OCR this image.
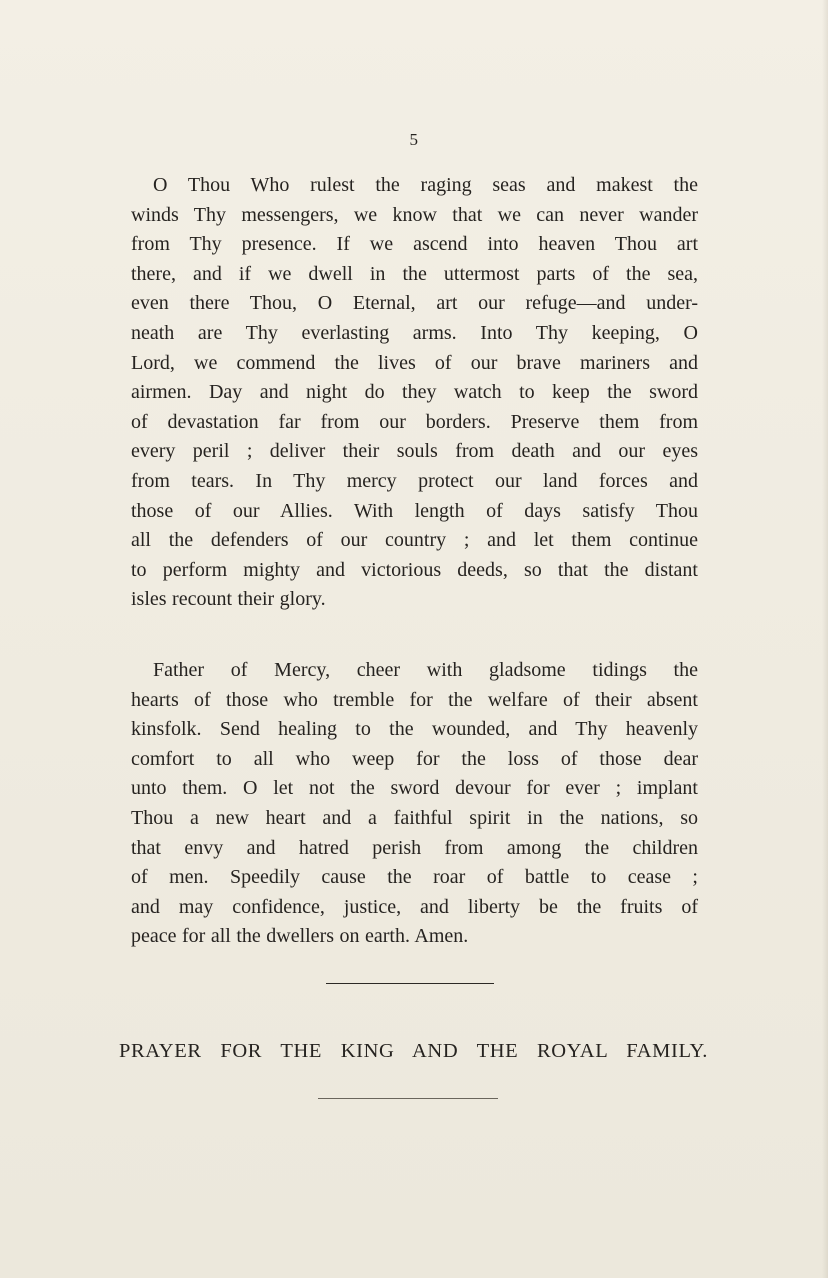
5
O Thou Who rulest the raging seas and makest the
winds Thy messengers, we know that we can never wander
from Thy presence. If we ascend into heaven Thou art
there, and if we dwell in the uttermost parts of the sea,
even there Thou, O Eternal, art our refuge—and under-
neath are Thy everlasting arms. Into Thy keeping, O
Lord, we commend the lives of our brave mariners and
airmen. Day and night do they watch to keep the sword
of devastation far from our borders. Preserve them from
every peril ; deliver their souls from death and our eyes
from tears. In Thy mercy protect our land forces and
those of our Allies. With length of days satisfy Thou
all the defenders of our country ; and let them continue
to perform mighty and victorious deeds, so that the distant
isles recount their glory.
Father of Mercy, cheer with gladsome tidings the
hearts of those who tremble for the welfare of their absent
kinsfolk. Send healing to the wounded, and Thy heavenly
comfort to all who weep for the loss of those dear
unto them. O let not the sword devour for ever ; implant
Thou a new heart and a faithful spirit in the nations, so
that envy and hatred perish from among the children
of men. Speedily cause the roar of battle to cease ;
and may confidence, justice, and liberty be the fruits of
peace for all the dwellers on earth. Amen.
PRAYER FOR THE KING AND THE ROYAL FAMILY.
